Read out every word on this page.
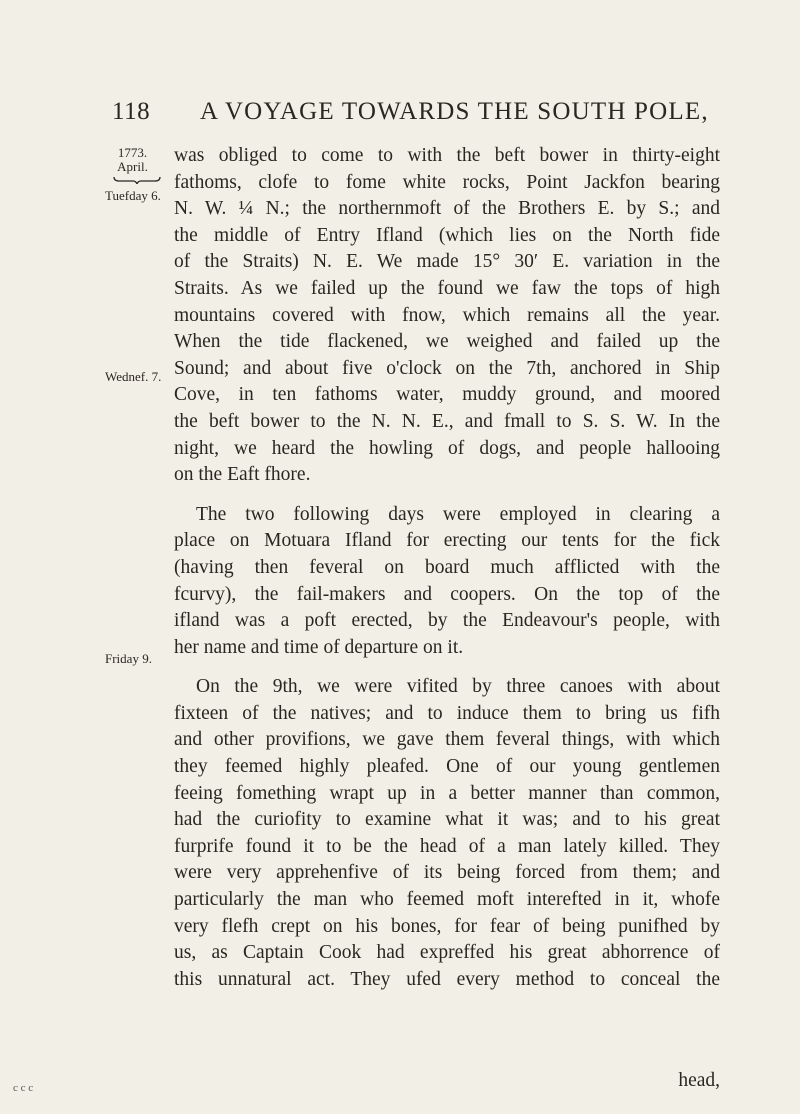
118 A VOYAGE TOWARDS THE SOUTH POLE,
1773.
April.
Tuefday 6.
Wednef. 7.
Friday 9.

was obliged to come to with the beft bower in thirty-eight
fathoms, clofe to fome white rocks, Point Jackfon bearing
N. W. ¼ N.; the northernmoft of the Brothers E. by S.; and
the middle of Entry Ifland (which lies on the North fide
of the Straits) N. E. We made 15° 30′ E. variation in the
Straits. As we failed up the found we faw the tops of high
mountains covered with fnow, which remains all the year.
When the tide flackened, we weighed and failed up the
Sound; and about five o'clock on the 7th, anchored in Ship
Cove, in ten fathoms water, muddy ground, and moored
the beft bower to the N. N. E., and fmall to S. S. W. In the
night, we heard the howling of dogs, and people hallooing
on the Eaft fhore.

The two following days were employed in clearing a
place on Motuara Ifland for erecting our tents for the fick
(having then feveral on board much afflicted with the
fcurvy), the fail-makers and coopers. On the top of the
ifland was a poft erected, by the Endeavour's people, with
her name and time of departure on it.

On the 9th, we were vifited by three canoes with about
fixteen of the natives; and to induce them to bring us fifh
and other provifions, we gave them feveral things, with which
they feemed highly pleafed. One of our young gentlemen
feeing fomething wrapt up in a better manner than common,
had the curiofity to examine what it was; and to his great
furprife found it to be the head of a man lately killed. They
were very apprehenfive of its being forced from them; and
particularly the man who feemed moft interefted in it, whofe
very flefh crept on his bones, for fear of being punifhed by
us, as Captain Cook had expreffed his great abhorrence of
this unnatural act. They ufed every method to conceal the

head,
c c c
